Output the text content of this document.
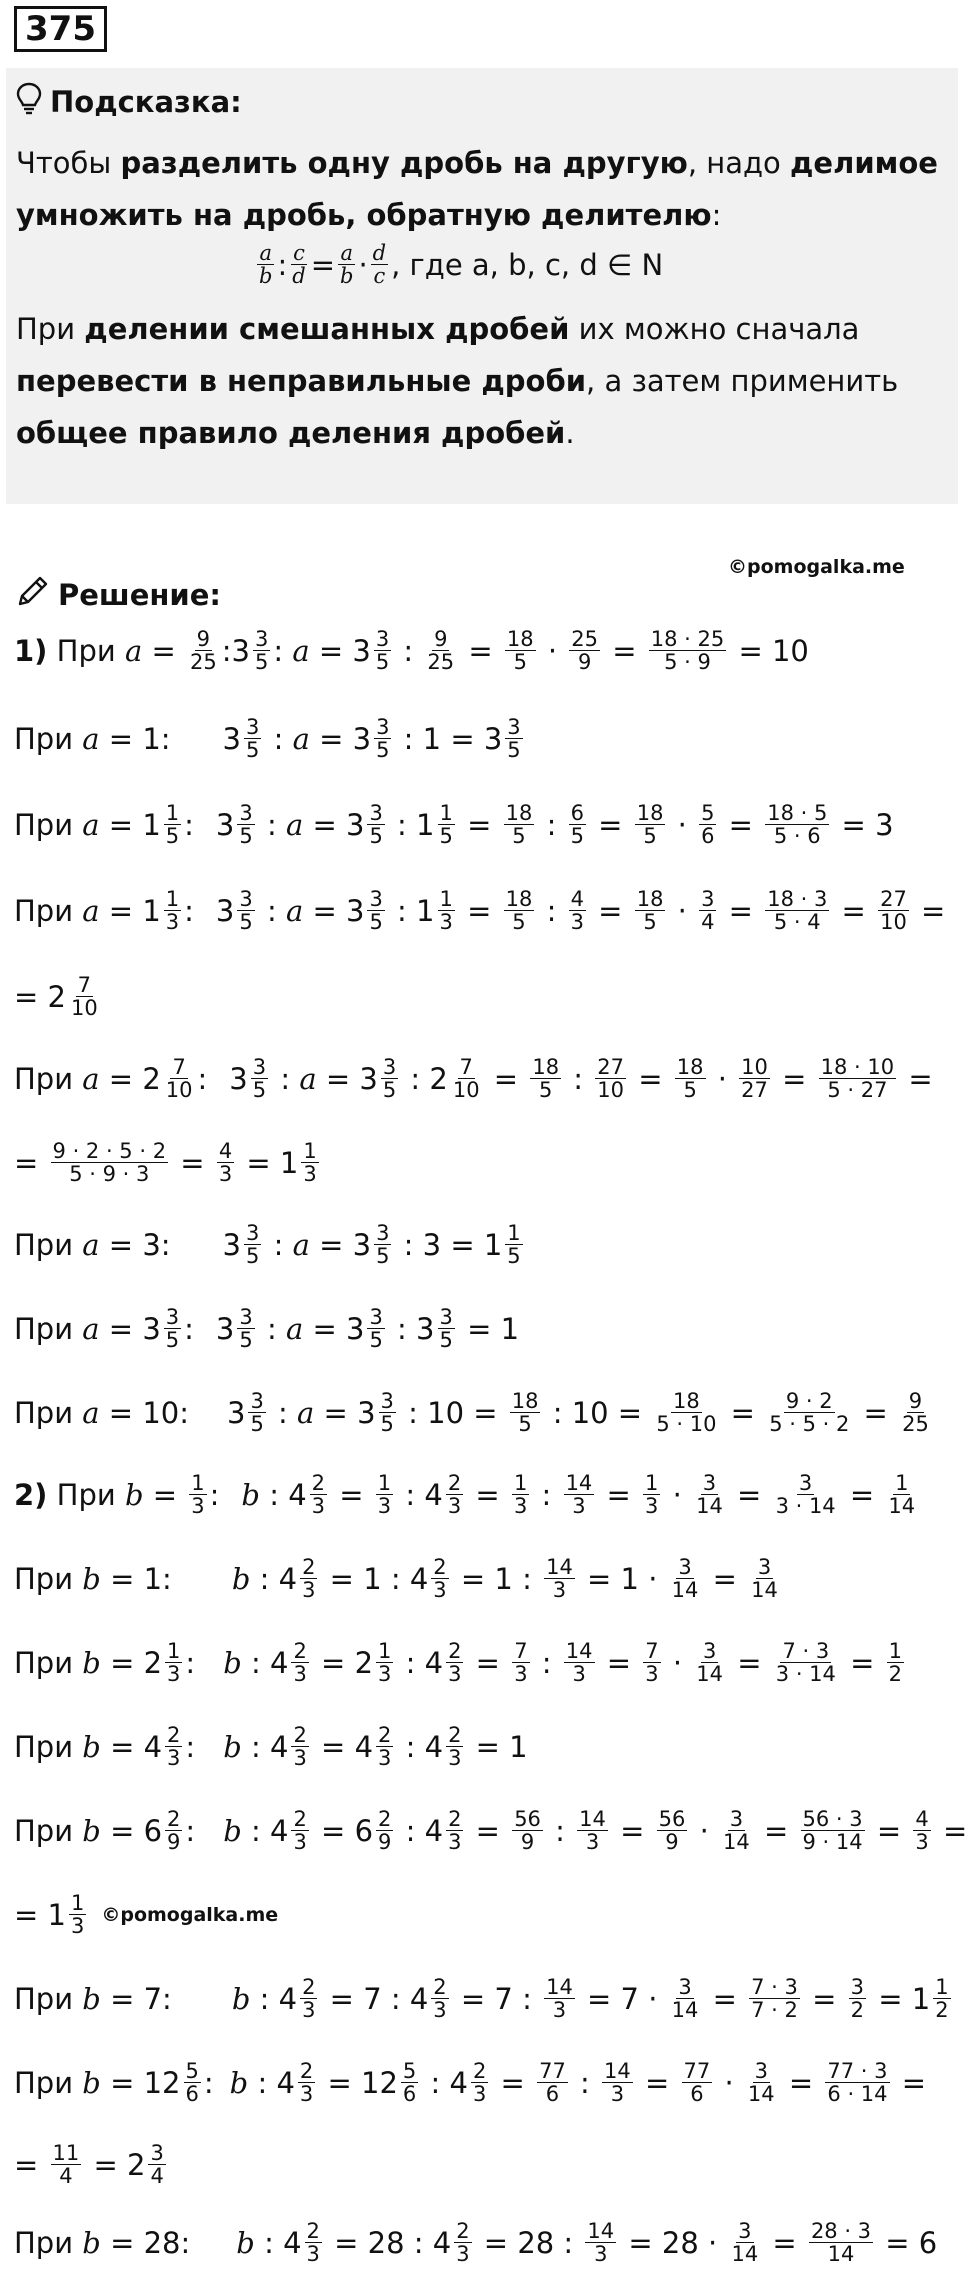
375
Подсказка:
Чтобы разделить одну дробь на другую, надо делимое
умножить на дробь, обратную делителю:
$\frac{a}{b}$ : $\frac{c}{d} = \frac{a}{b} \cdot \frac{d}{c}$ , где a, b, c, d ∈ N
При делении смешанных дробей их можно сначала
перевести в неправильные дроби, а затем применить
общее правило деления дробей.
©pomogalka.me
Решение:
1) При $a = \frac{9}{25}$ :3 $\frac{3}{5}$ : $a = 3 \frac{3}{5}$ : $\frac{9}{25} = \frac{18}{5} \cdot \frac{25}{9} = \frac{18 \cdot 25}{5 \cdot 9} = 10$
При a = 1: $3 \frac{3}{5}$ : $a = 3 \frac{3}{5}$ : $1 = 3 \frac{3}{5}$
При $a = 1 \frac{1}{5}$ : $3 \frac{3}{5}$ : $a = 3 \frac{3}{5}$ : $1 \frac{1}{5} = \frac{18}{5}$ : $\frac{6}{5} = \frac{18}{5} \cdot \frac{5}{6} = \frac{18 \cdot 5}{5 \cdot 6} = 3$
При $a = 1 \frac{1}{3}$ : $3 \frac{3}{5}$ : $a = 3 \frac{3}{5}$ : $1 \frac{1}{3} = \frac{18}{5}$ : $\frac{4}{3} = \frac{18}{5} \cdot \frac{3}{4} = \frac{18 \cdot 3}{5 \cdot 4} = \frac{27}{10}$ =
= $2 \frac{7}{10}$
При $a = 2 \frac{7}{10}$ : $3 \frac{3}{5}$ : $a = 3 \frac{3}{5}$ : $2 \frac{7}{10} = \frac{18}{5}$ : $\frac{27}{10} = \frac{18}{5} \cdot \frac{10}{27} = \frac{18 \cdot 10}{5 \cdot 27}$ =
= $\frac{9 \cdot 2 \cdot 5 \cdot 2}{5 \cdot 9 \cdot 3} = \frac{4}{3} = 1 \frac{1}{3}$
При a = 3: $3 \frac{3}{5}$ : $a = 3 \frac{3}{5}$ : $3 = 1 \frac{1}{5}$
При $a = 3 \frac{3}{5}$ : $3 \frac{3}{5}$ : $a = 3 \frac{3}{5}$ : $3 \frac{3}{5} = 1$
При a = 10: $3 \frac{3}{5}$ : $a = 3 \frac{3}{5}$ : $10 = \frac{18}{5}$ : $10 = \frac{18}{5 \cdot 10} = \frac{9 \cdot 2}{5 \cdot 5 \cdot 2} = \frac{9}{25}$
2) При $b = \frac{1}{3}$ : b : $4 \frac{2}{3} = \frac{1}{3}$ : $4 \frac{2}{3} = \frac{1}{3}$ : $\frac{14}{3} = \frac{1}{3} \cdot \frac{3}{14} = \frac{3}{3 \cdot 14} = \frac{1}{14}$
При b = 1: b : $4 \frac{2}{3} = 1$ : $4 \frac{2}{3} = 1$ : $\frac{14}{3} = 1 \cdot \frac{3}{14} = \frac{3}{14}$
При $b = 2 \frac{1}{3}$ : b : $4 \frac{2}{3} = 2 \frac{1}{3}$ : $4 \frac{2}{3} = \frac{7}{3}$ : $\frac{14}{3} = \frac{7}{3} \cdot \frac{3}{14} = \frac{7 \cdot 3}{3 \cdot 14} = \frac{1}{2}$
При $b = 4 \frac{2}{3}$ : b : $4 \frac{2}{3} = 4 \frac{2}{3}$ : $4 \frac{2}{3} = 1$
При $b = 6 \frac{2}{9}$ : b : $4 \frac{2}{3} = 6 \frac{2}{9}$ : $4 \frac{2}{3} = \frac{56}{9}$ : $\frac{14}{3} = \frac{56}{9} \cdot \frac{3}{14} = \frac{56 \cdot 3}{9 \cdot 14} = \frac{4}{3}$ =
= $1 \frac{1}{3}$ ©pomogalka.me
При b = 7: b : $4 \frac{2}{3} = 7$ : $4 \frac{2}{3} = 7$ : $\frac{14}{3} = 7 \cdot \frac{3}{14} = \frac{7 \cdot 3}{7 \cdot 2} = \frac{3}{2} = 1 \frac{1}{2}$
При $b = 12 \frac{5}{6}$ : b : $4 \frac{2}{3} = 12 \frac{5}{6}$ : $4 \frac{2}{3} = \frac{77}{6}$ : $\frac{14}{3} = \frac{77}{6} \cdot \frac{3}{14} = \frac{77 \cdot 3}{6 \cdot 14}$ =
= $\frac{11}{4} = 2 \frac{3}{4}$
При b = 28: b : $4 \frac{2}{3} = 28$ : $4 \frac{2}{3} = 28$ : $\frac{14}{3} = 28 \cdot \frac{3}{14} = \frac{28 \cdot 3}{14} = 6$
